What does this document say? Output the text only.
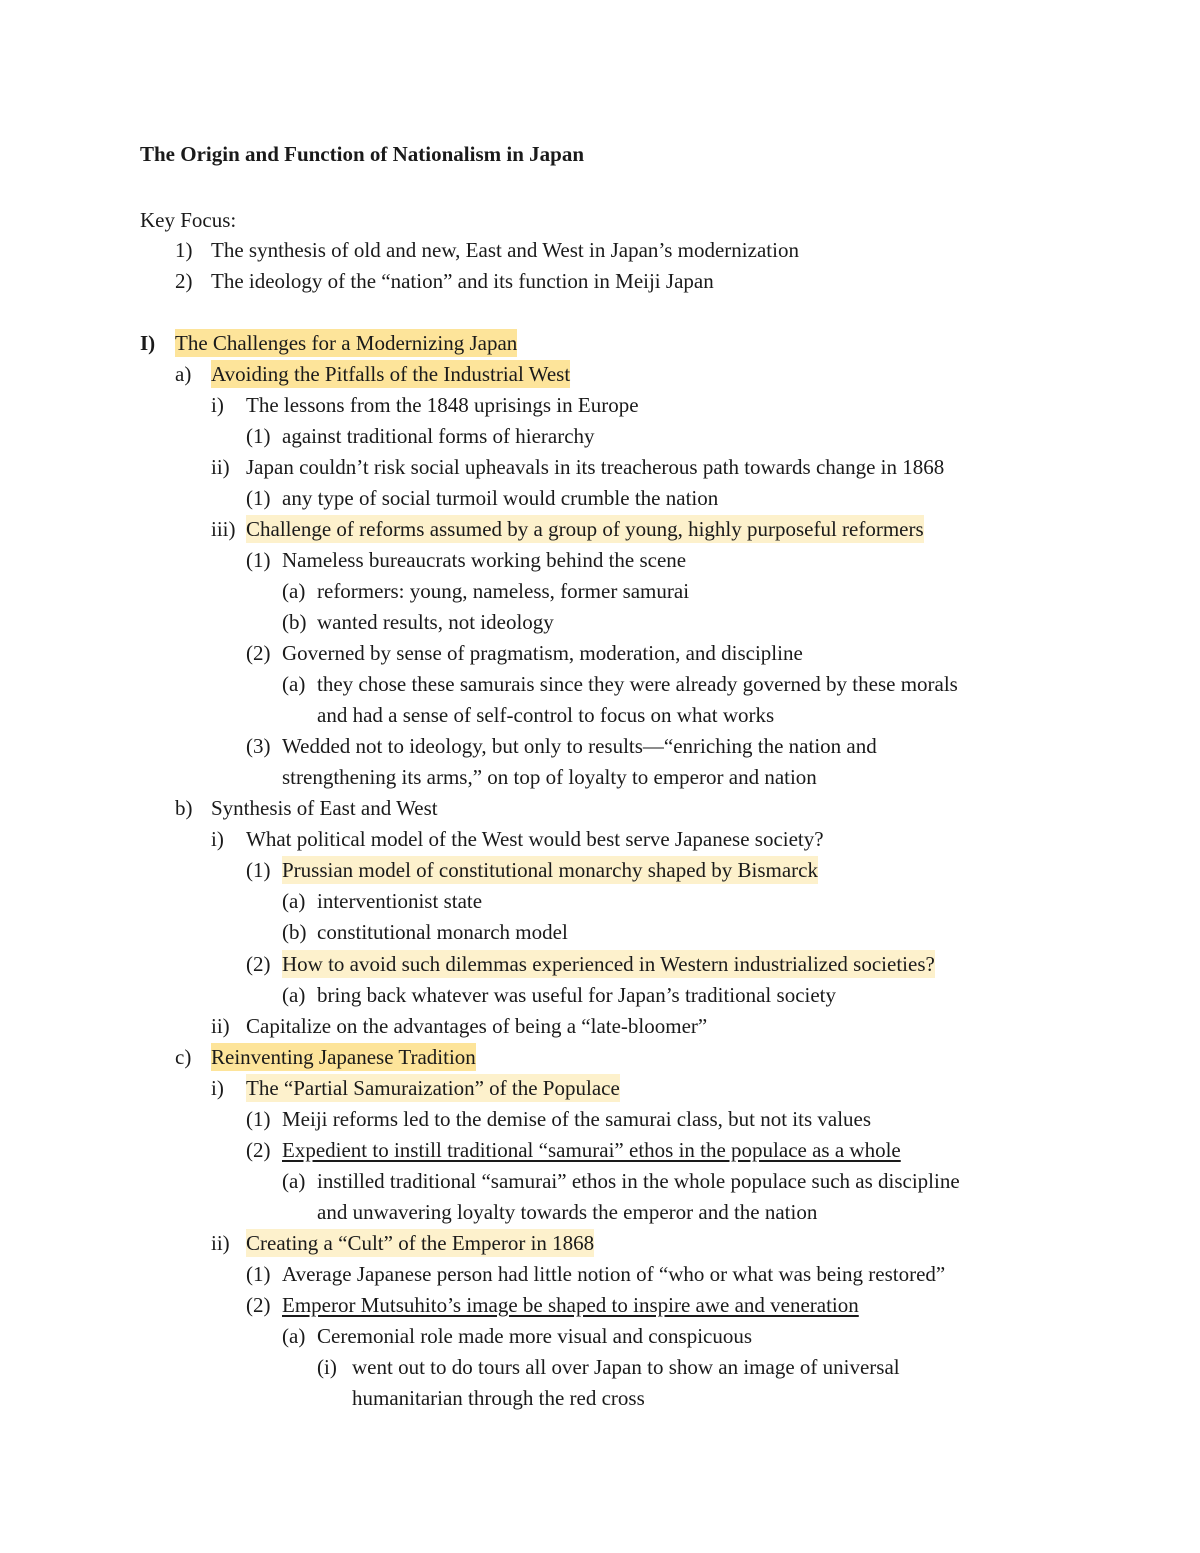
The Origin and Function of Nationalism in Japan
Key Focus:
1) The synthesis of old and new, East and West in Japan’s modernization
2) The ideology of the “nation” and its function in Meiji Japan
I) The Challenges for a Modernizing Japan
a) Avoiding the Pitfalls of the Industrial West
i) The lessons from the 1848 uprisings in Europe
(1) against traditional forms of hierarchy
ii) Japan couldn’t risk social upheavals in its treacherous path towards change in 1868
(1) any type of social turmoil would crumble the nation
iii) Challenge of reforms assumed by a group of young, highly purposeful reformers
(1) Nameless bureaucrats working behind the scene
(a) reformers: young, nameless, former samurai
(b) wanted results, not ideology
(2) Governed by sense of pragmatism, moderation, and discipline
(a) they chose these samurais since they were already governed by these morals
and had a sense of self-control to focus on what works
(3) Wedded not to ideology, but only to results—“enriching the nation and
strengthening its arms,” on top of loyalty to emperor and nation
b) Synthesis of East and West
i) What political model of the West would best serve Japanese society?
(1) Prussian model of constitutional monarchy shaped by Bismarck
(a) interventionist state
(b) constitutional monarch model
(2) How to avoid such dilemmas experienced in Western industrialized societies?
(a) bring back whatever was useful for Japan’s traditional society
ii) Capitalize on the advantages of being a “late-bloomer”
c) Reinventing Japanese Tradition
i) The “Partial Samuraization” of the Populace
(1) Meiji reforms led to the demise of the samurai class, but not its values
(2) Expedient to instill traditional “samurai” ethos in the populace as a whole
(a) instilled traditional “samurai” ethos in the whole populace such as discipline
and unwavering loyalty towards the emperor and the nation
ii) Creating a “Cult” of the Emperor in 1868
(1) Average Japanese person had little notion of “who or what was being restored”
(2) Emperor Mutsuhito’s image be shaped to inspire awe and veneration
(a) Ceremonial role made more visual and conspicuous
(i) went out to do tours all over Japan to show an image of universal
humanitarian through the red cross
